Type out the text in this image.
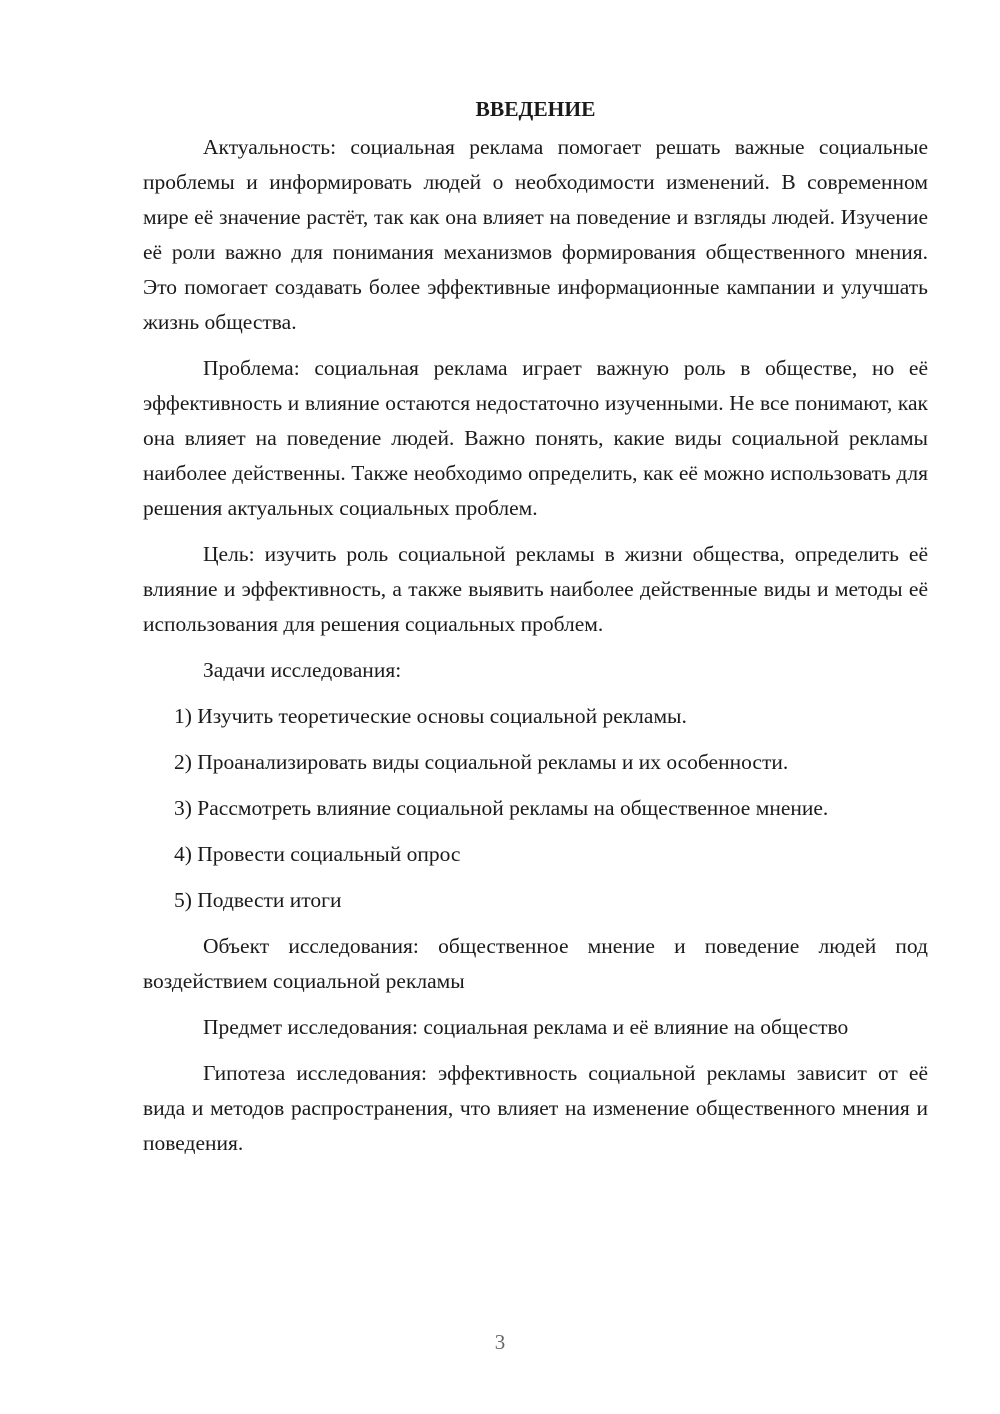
ВВЕДЕНИЕ

Актуальность: социальная реклама помогает решать важные социальные проблемы и информировать людей о необходимости изменений. В современном мире её значение растёт, так как она влияет на поведение и взгляды людей. Изучение её роли важно для понимания механизмов формирования общественного мнения. Это помогает создавать более эффективные информационные кампании и улучшать жизнь общества.

Проблема: социальная реклама играет важную роль в обществе, но её эффективность и влияние остаются недостаточно изученными. Не все понимают, как она влияет на поведение людей. Важно понять, какие виды социальной рекламы наиболее действенны. Также необходимо определить, как её можно использовать для решения актуальных социальных проблем.

Цель: изучить роль социальной рекламы в жизни общества, определить её влияние и эффективность, а также выявить наиболее действенные виды и методы её использования для решения социальных проблем.

Задачи исследования:

1) Изучить теоретические основы социальной рекламы.

2) Проанализировать виды социальной рекламы и их особенности.

3) Рассмотреть влияние социальной рекламы на общественное мнение.

4) Провести социальный опрос

5) Подвести итоги

Объект исследования: общественное мнение и поведение людей под воздействием социальной рекламы

Предмет исследования: социальная реклама и её влияние на общество

Гипотеза исследования: эффективность социальной рекламы зависит от её вида и методов распространения, что влияет на изменение общественного мнения и поведения.

3
